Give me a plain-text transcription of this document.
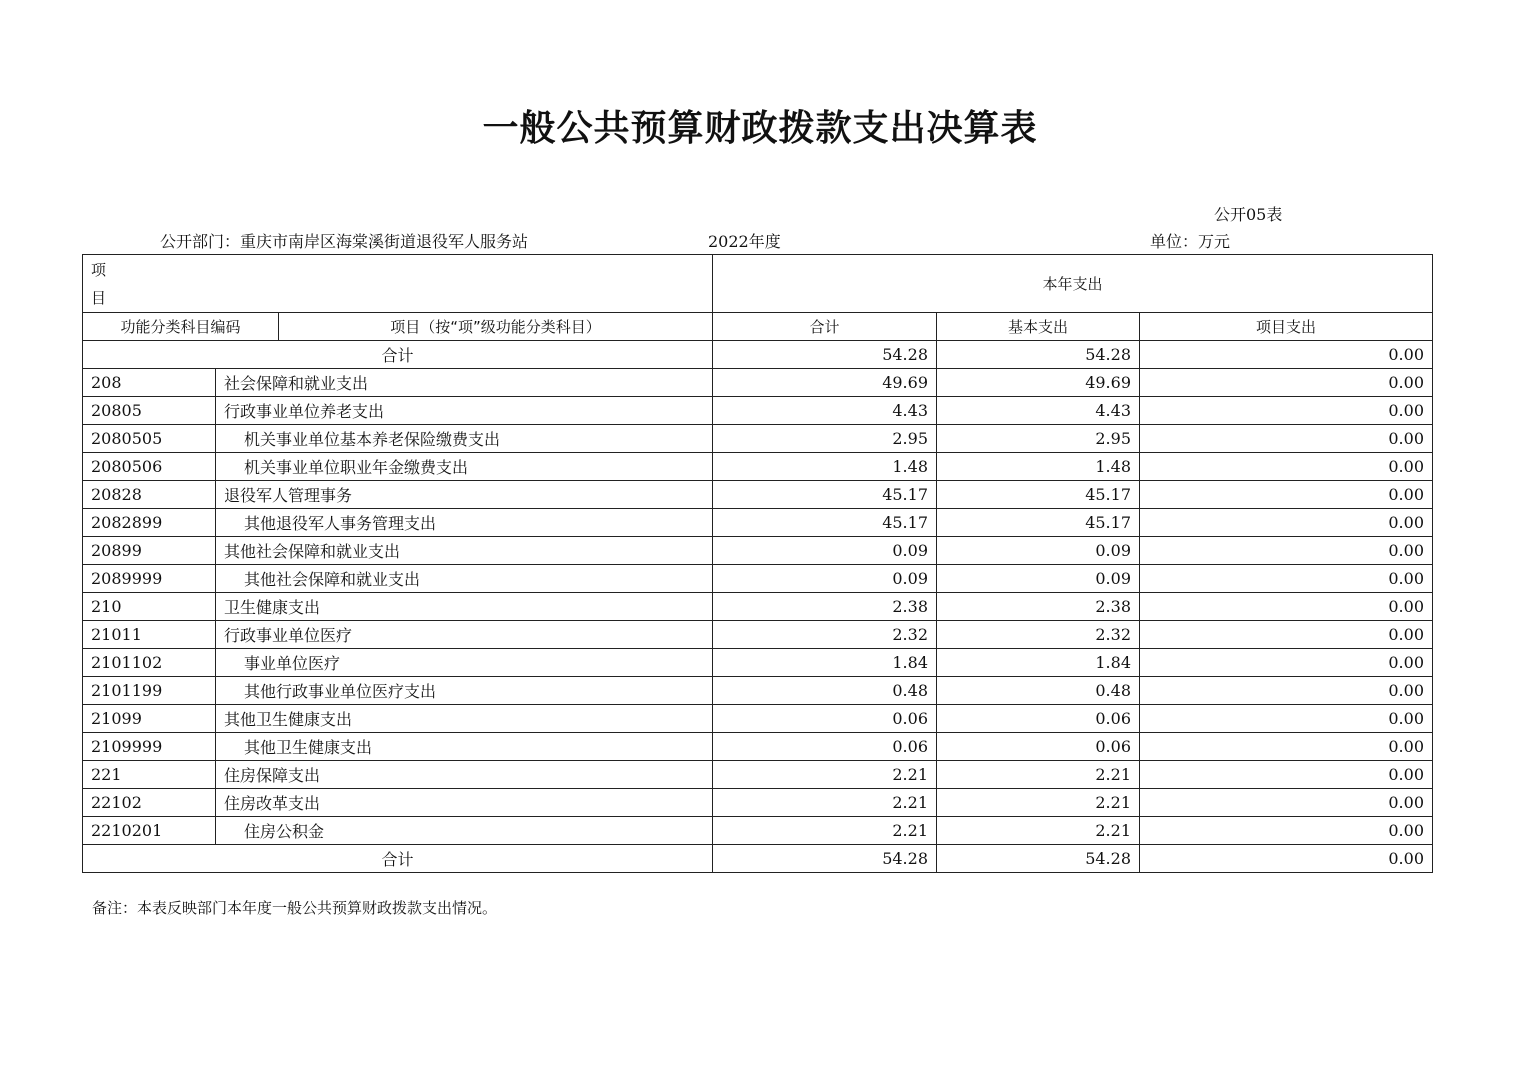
一般公共预算财政拨款支出决算表
公开05表
公开部门：重庆市南岸区海棠溪街道退役军人服务站	2022年度	单位：万元
项
目			本年支出		
功能分类科目编码		项目（按“项”级功能分类科目）	合计	基本支出	项目支出
合计			54.28	54.28	0.00
208	社会保障和就业支出		49.69	49.69	0.00
20805	行政事业单位养老支出		4.43	4.43	0.00
2080505	机关事业单位基本养老保险缴费支出		2.95	2.95	0.00
2080506	机关事业单位职业年金缴费支出		1.48	1.48	0.00
20828	退役军人管理事务		45.17	45.17	0.00
2082899	其他退役军人事务管理支出		45.17	45.17	0.00
20899	其他社会保障和就业支出		0.09	0.09	0.00
2089999	其他社会保障和就业支出		0.09	0.09	0.00
210	卫生健康支出		2.38	2.38	0.00
21011	行政事业单位医疗		2.32	2.32	0.00
2101102	事业单位医疗		1.84	1.84	0.00
2101199	其他行政事业单位医疗支出		0.48	0.48	0.00
21099	其他卫生健康支出		0.06	0.06	0.00
2109999	其他卫生健康支出		0.06	0.06	0.00
221	住房保障支出		2.21	2.21	0.00
22102	住房改革支出		2.21	2.21	0.00
2210201	住房公积金		2.21	2.21	0.00
合计			54.28	54.28	0.00
备注：本表反映部门本年度一般公共预算财政拨款支出情况。
